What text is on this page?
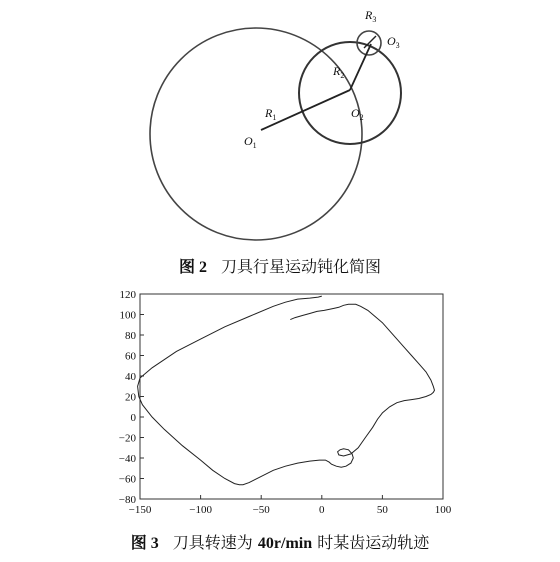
$O_1$
$R_1$	$O_2$
$R_2$
$O_3$
$R_3$
图 2 刀具行星运动钝化简图
120
100
80
60
40
20
0
−20
−40
−60
−80
−150	−100	−50	0	50	100
图 3 刀具转速为 40r/min 时某齿运动轨迹
